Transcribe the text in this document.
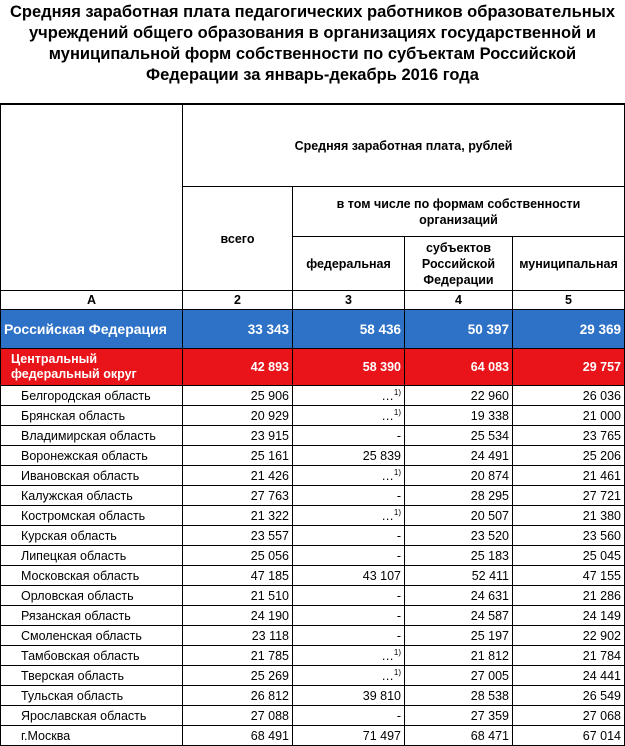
Средняя заработная плата педагогических работников образовательных учреждений общего образования в организациях государственной и муниципальной форм собственности по субъектам Российской Федерации за январь-декабрь 2016 года
	Средняя заработная плата, рублей			
	всего	в том числе по формам собственности организаций		
		федеральная	субъектов Российской Федерации	муниципальная
А	2	3	4	5
Российская Федерация	33 343	58 436	50 397	29 369
Центральный федеральный округ	42 893	58 390	64 083	29 757
Белгородская область	25 906	…$^{1)}$	22 960	26 036
Брянская область	20 929	…$^{1)}$	19 338	21 000
Владимирская область	23 915	-	25 534	23 765
Воронежская область	25 161	25 839	24 491	25 206
Ивановская область	21 426	…$^{1)}$	20 874	21 461
Калужская область	27 763	-	28 295	27 721
Костромская область	21 322	…$^{1)}$	20 507	21 380
Курская область	23 557	-	23 520	23 560
Липецкая область	25 056	-	25 183	25 045
Московская область	47 185	43 107	52 411	47 155
Орловская область	21 510	-	24 631	21 286
Рязанская область	24 190	-	24 587	24 149
Смоленская область	23 118	-	25 197	22 902
Тамбовская область	21 785	…$^{1)}$	21 812	21 784
Тверская область	25 269	…$^{1)}$	27 005	24 441
Тульская область	26 812	39 810	28 538	26 549
Ярославская область	27 088	-	27 359	27 068
г.Москва	68 491	71 497	68 471	67 014
